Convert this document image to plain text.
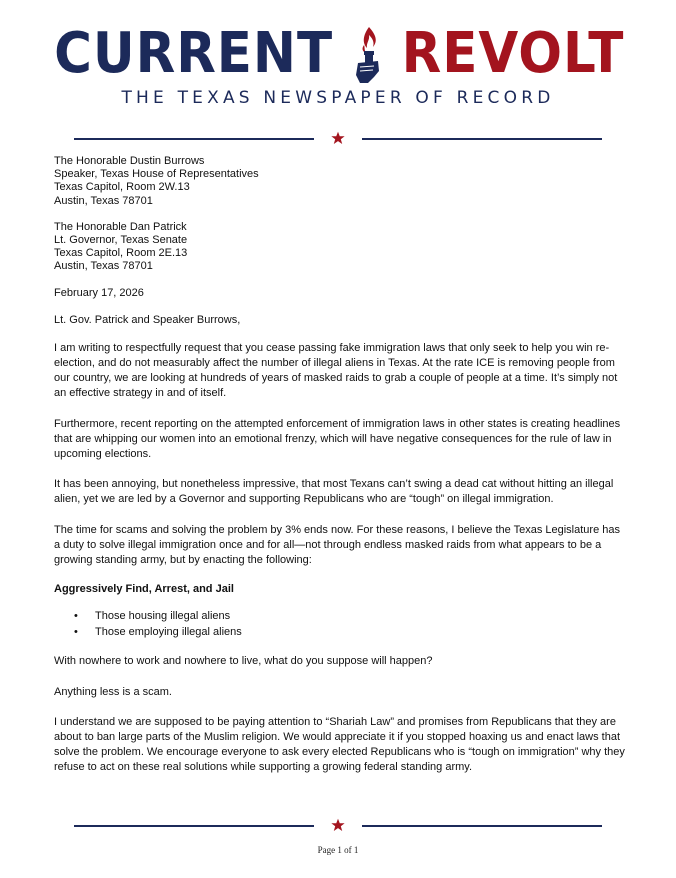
CURRENT REVOLT
THE TEXAS NEWSPAPER OF RECORD
The Honorable Dustin Burrows
Speaker, Texas House of Representatives
Texas Capitol, Room 2W.13
Austin, Texas 78701
The Honorable Dan Patrick
Lt. Governor, Texas Senate
Texas Capitol, Room 2E.13
Austin, Texas 78701

February 17, 2026

Lt. Gov. Patrick and Speaker Burrows,

I am writing to respectfully request that you cease passing fake immigration laws that only seek to help you win re-election, and do not measurably affect the number of illegal aliens in Texas. At the rate ICE is removing people from our country, we are looking at hundreds of years of masked raids to grab a couple of people at a time. It’s simply not an effective strategy in and of itself.

Furthermore, recent reporting on the attempted enforcement of immigration laws in other states is creating headlines that are whipping our women into an emotional frenzy, which will have negative consequences for the rule of law in upcoming elections.

It has been annoying, but nonetheless impressive, that most Texans can’t swing a dead cat without hitting an illegal alien, yet we are led by a Governor and supporting Republicans who are “tough” on illegal immigration.

The time for scams and solving the problem by 3% ends now. For these reasons, I believe the Texas Legislature has a duty to solve illegal immigration once and for all—not through endless masked raids from what appears to be a growing standing army, but by enacting the following:

Aggressively Find, Arrest, and Jail
• Those housing illegal aliens
• Those employing illegal aliens

With nowhere to work and nowhere to live, what do you suppose will happen?

Anything less is a scam.

I understand we are supposed to be paying attention to “Shariah Law” and promises from Republicans that they are about to ban large parts of the Muslim religion. We would appreciate it if you stopped hoaxing us and enact laws that solve the problem. We encourage everyone to ask every elected Republicans who is “tough on immigration” why they refuse to act on these real solutions while supporting a growing federal standing army.

Page 1 of 1
